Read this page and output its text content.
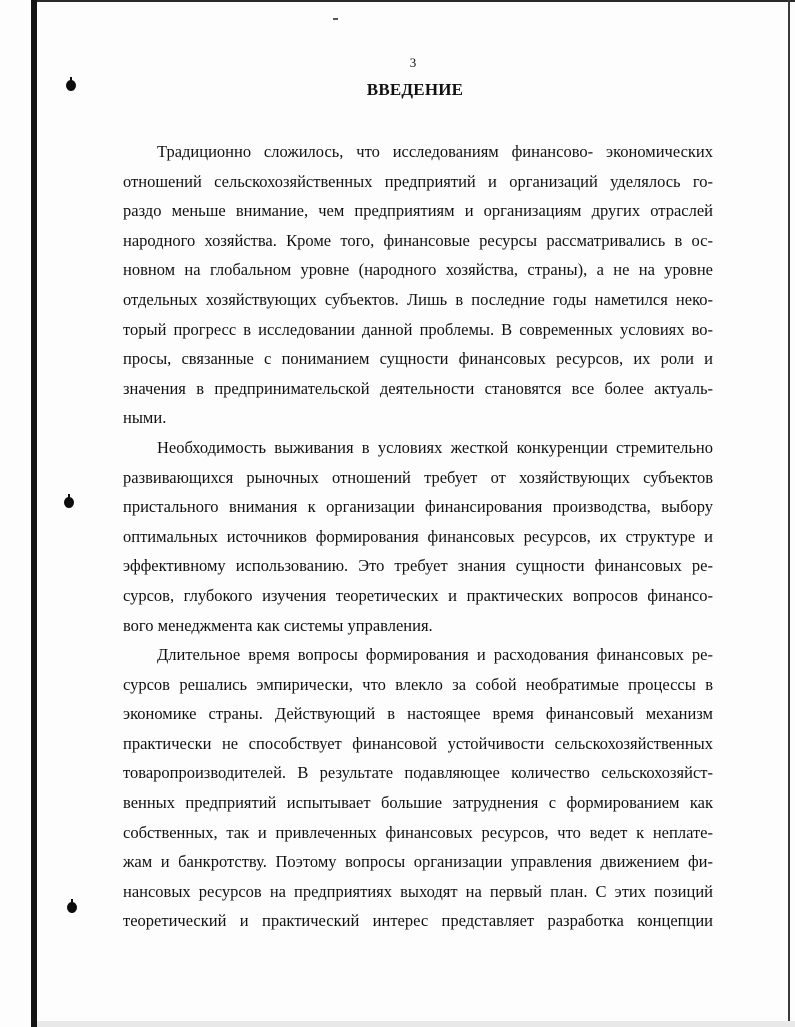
3
ВВЕДЕНИЕ
Традиционно сложилось, что исследованиям финансово- экономических
отношений сельскохозяйственных предприятий и организаций уделялось го-
раздо меньше внимание, чем предприятиям и организациям других отраслей
народного хозяйства. Кроме того, финансовые ресурсы рассматривались в ос-
новном на глобальном уровне (народного хозяйства, страны), а не на уровне
отдельных хозяйствующих субъектов. Лишь в последние годы наметился неко-
торый прогресс в исследовании данной проблемы. В современных условиях во-
просы, связанные с пониманием сущности финансовых ресурсов, их роли и
значения в предпринимательской деятельности становятся все более актуаль-
ными.
Необходимость выживания в условиях жесткой конкуренции стремительно
развивающихся рыночных отношений требует от хозяйствующих субъектов
пристального внимания к организации финансирования производства, выбору
оптимальных источников формирования финансовых ресурсов, их структуре и
эффективному использованию. Это требует знания сущности финансовых ре-
сурсов, глубокого изучения теоретических и практических вопросов финансо-
вого менеджмента как системы управления.
Длительное время вопросы формирования и расходования финансовых ре-
сурсов решались эмпирически, что влекло за собой необратимые процессы в
экономике страны. Действующий в настоящее время финансовый механизм
практически не способствует финансовой устойчивости сельскохозяйственных
товаропроизводителей. В результате подавляющее количество сельскохозяйст-
венных предприятий испытывает большие затруднения с формированием как
собственных, так и привлеченных финансовых ресурсов, что ведет к неплате-
жам и банкротству. Поэтому вопросы организации управления движением фи-
нансовых ресурсов на предприятиях выходят на первый план. С этих позиций
теоретический и практический интерес представляет разработка концепции
